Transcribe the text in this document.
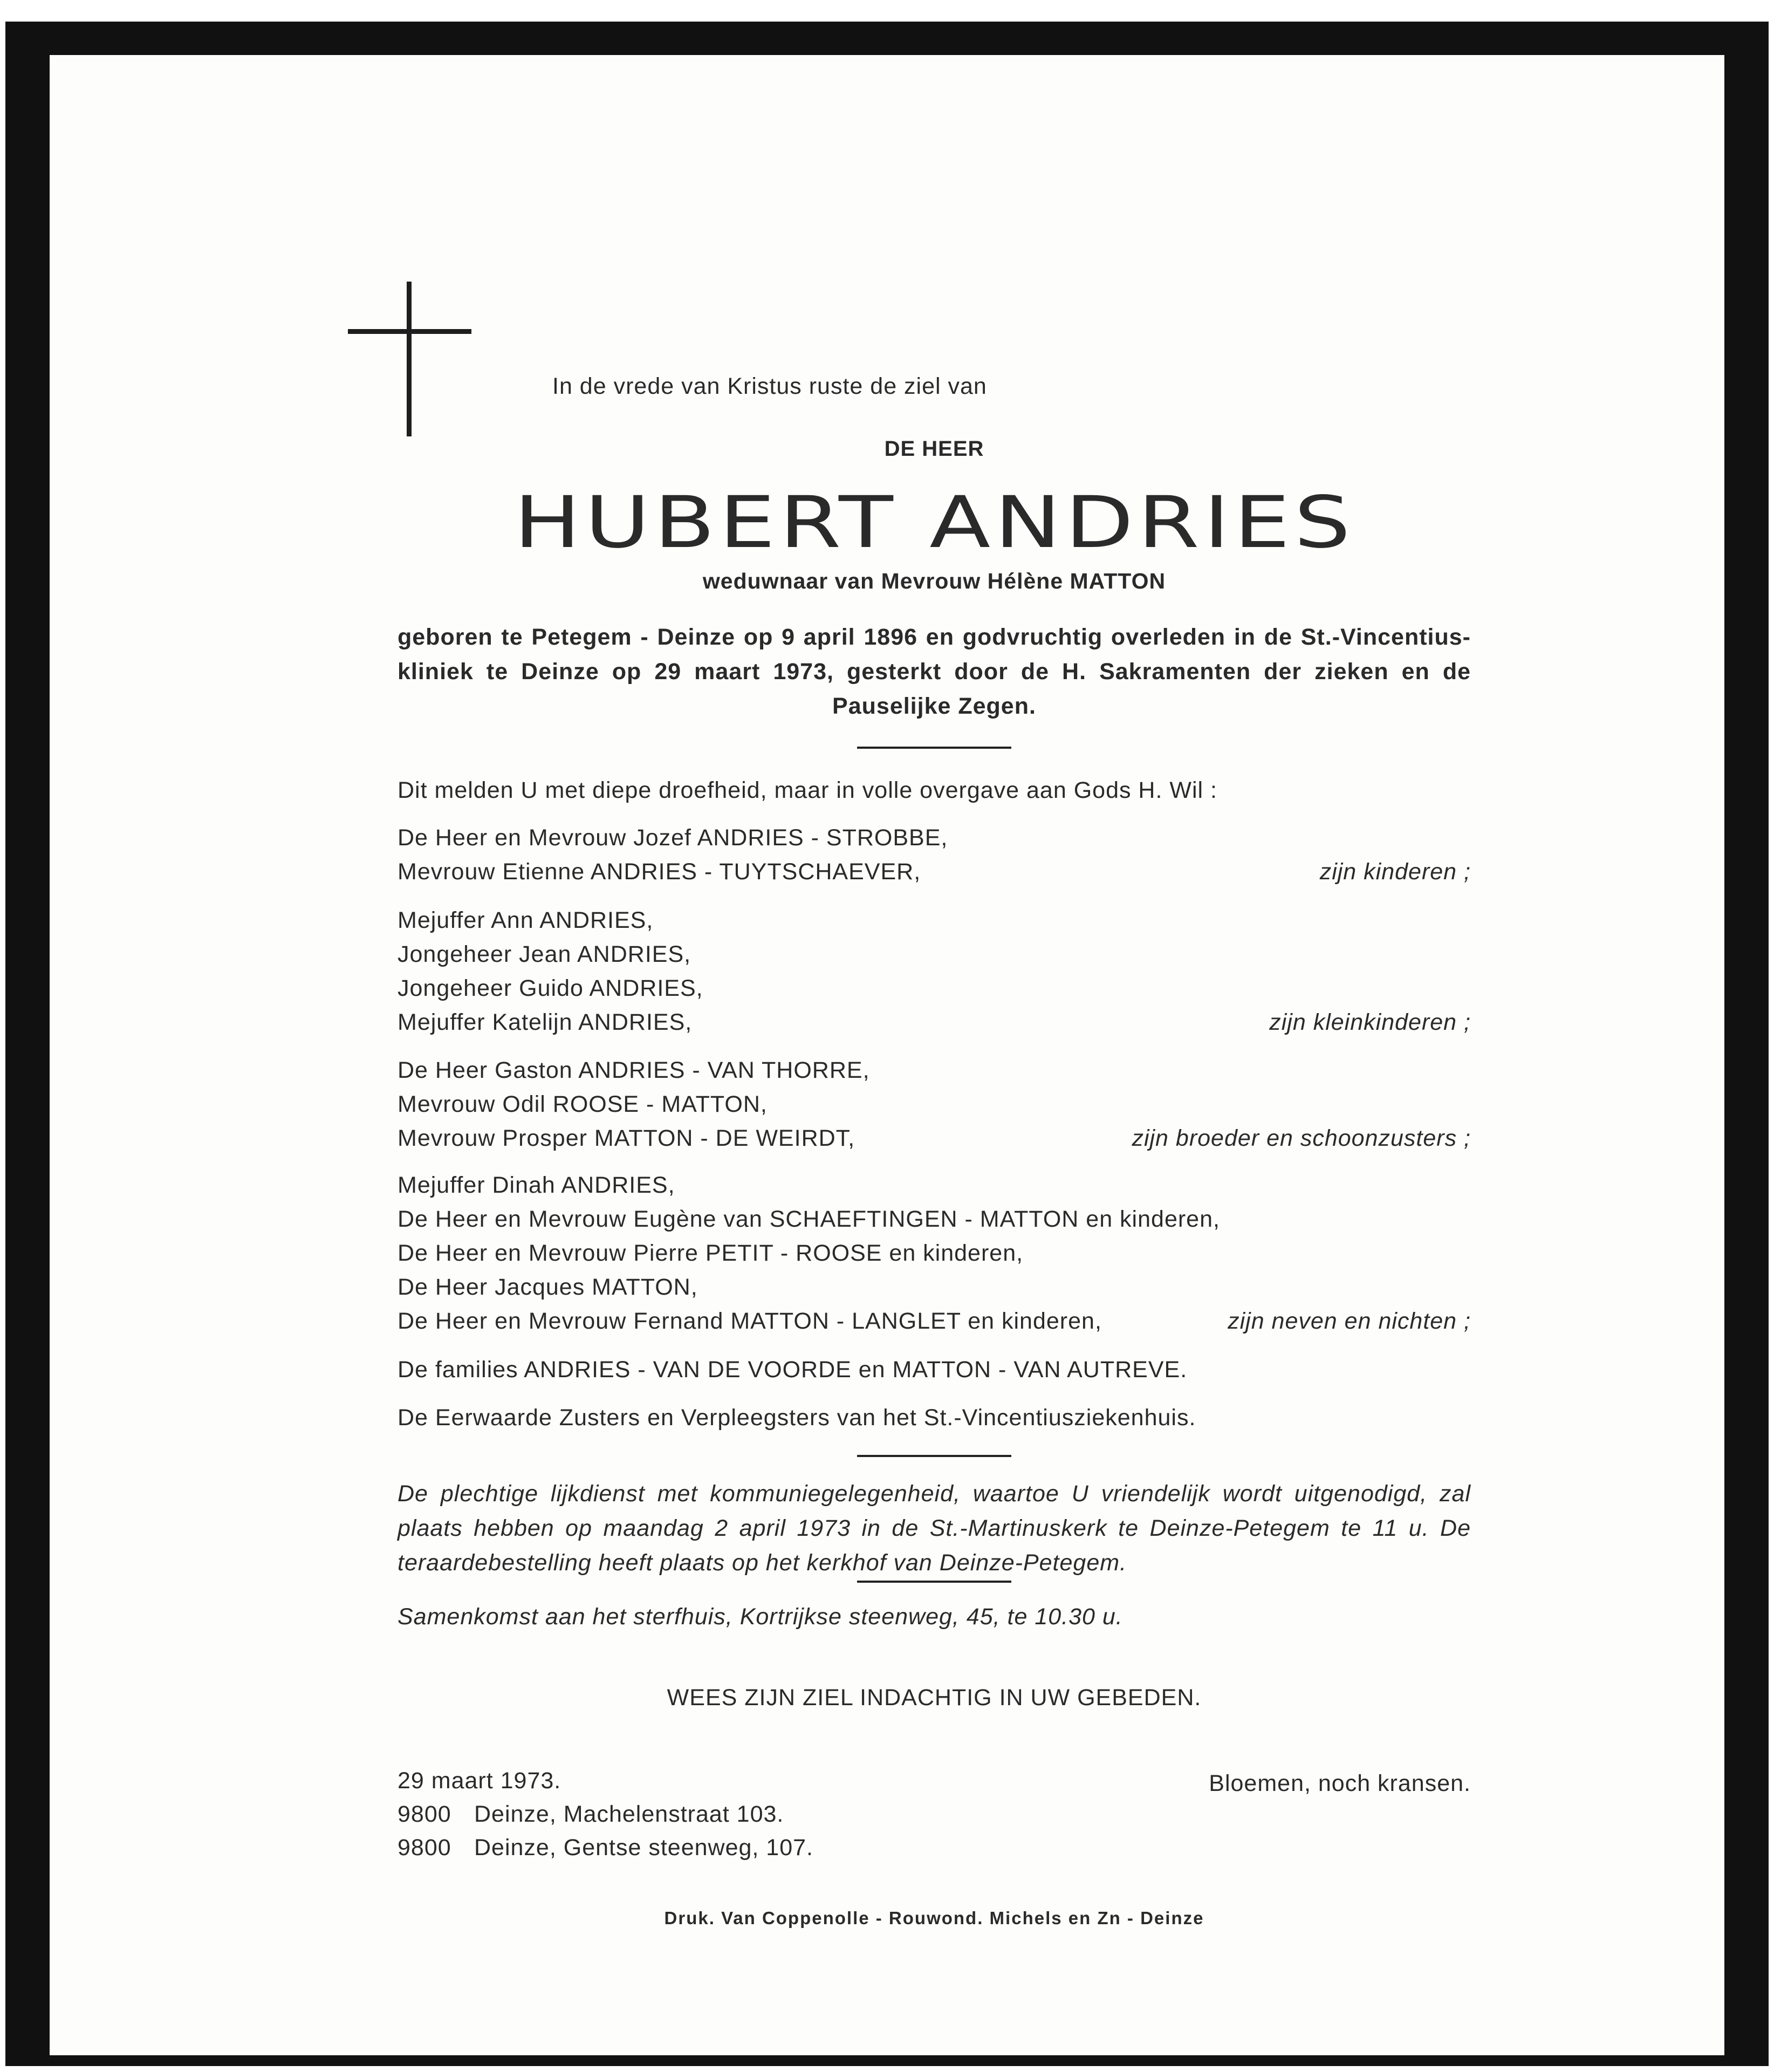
In de vrede van Kristus ruste de ziel van

DE HEER

HUBERT ANDRIES

weduwnaar van Mevrouw Hélène MATTON

geboren te Petegem - Deinze op 9 april 1896 en godvruchtig overleden in de St.-Vincentius-kliniek te Deinze op 29 maart 1973, gesterkt door de H. Sakramenten der zieken en de Pauselijke Zegen.

Dit melden U met diepe droefheid, maar in volle overgave aan Gods H. Wil :

De Heer en Mevrouw Jozef ANDRIES - STROBBE,
Mevrouw Etienne ANDRIES - TUYTSCHAEVER,	zijn kinderen ;
Mejuffer Ann ANDRIES,
Jongeheer Jean ANDRIES,
Jongeheer Guido ANDRIES,
Mejuffer Katelijn ANDRIES,	zijn kleinkinderen ;
De Heer Gaston ANDRIES - VAN THORRE,
Mevrouw Odil ROOSE - MATTON,
Mevrouw Prosper MATTON - DE WEIRDT,	zijn broeder en schoonzusters ;
Mejuffer Dinah ANDRIES,
De Heer en Mevrouw Eugène van SCHAEFTINGEN - MATTON en kinderen,
De Heer en Mevrouw Pierre PETIT - ROOSE en kinderen,
De Heer Jacques MATTON,
De Heer en Mevrouw Fernand MATTON - LANGLET en kinderen,	zijn neven en nichten ;
De families ANDRIES - VAN DE VOORDE en MATTON - VAN AUTREVE.
De Eerwaarde Zusters en Verpleegsters van het St.-Vincentiusziekenhuis.

De plechtige lijkdienst met kommuniegelegenheid, waartoe U vriendelijk wordt uitgenodigd, zal plaats hebben op maandag 2 april 1973 in de St.-Martinuskerk te Deinze-Petegem te 11 u. De teraardebestelling heeft plaats op het kerkhof van Deinze-Petegem.

Samenkomst aan het sterfhuis, Kortrijkse steenweg, 45, te 10.30 u.

WEES ZIJN ZIEL INDACHTIG IN UW GEBEDEN.

29 maart 1973.	Bloemen, noch kransen.

9800 Deinze, Machelenstraat 103.

9800 Deinze, Gentse steenweg, 107.

Druk. Van Coppenolle - Rouwond. Michels en Zn - Deinze
